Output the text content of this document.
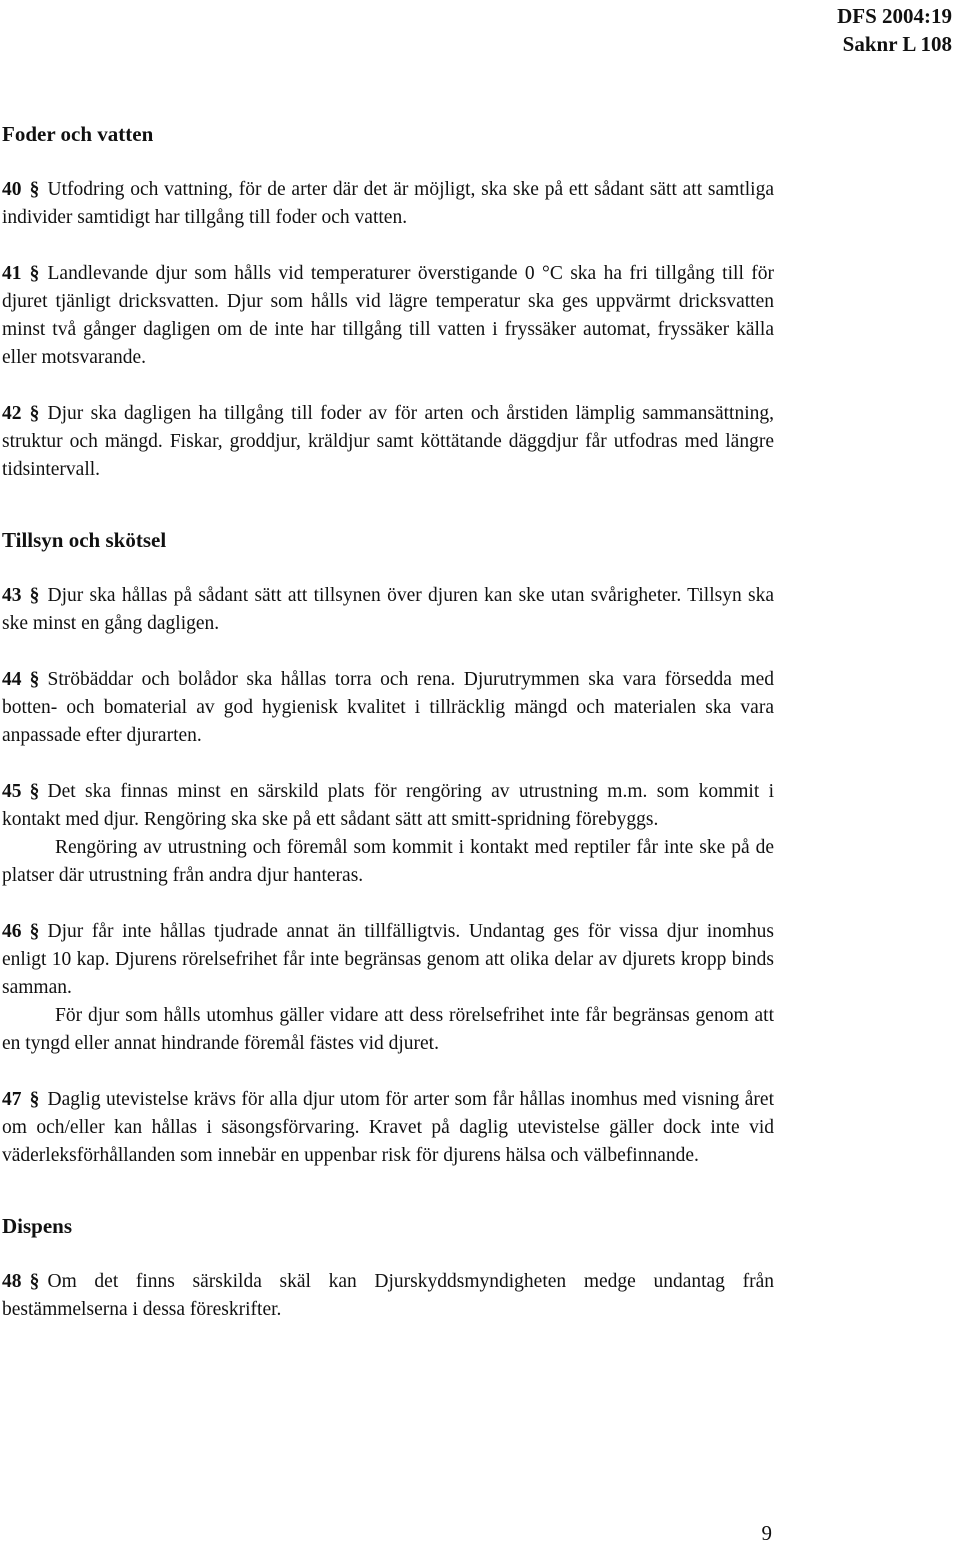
DFS 2004:19
Saknr L 108
Foder och vatten

40 § Utfodring och vattning, för de arter där det är möjligt, ska ske på ett sådant sätt att samtliga individer samtidigt har tillgång till foder och vatten.

41 § Landlevande djur som hålls vid temperaturer överstigande 0 °C ska ha fri tillgång till för djuret tjänligt dricksvatten. Djur som hålls vid lägre temperatur ska ges uppvärmt dricksvatten minst två gånger dagligen om de inte har tillgång till vatten i fryssäker automat, fryssäker källa eller motsvarande.

42 § Djur ska dagligen ha tillgång till foder av för arten och årstiden lämplig sammansättning, struktur och mängd. Fiskar, groddjur, kräldjur samt köttätande däggdjur får utfodras med längre tidsintervall.

Tillsyn och skötsel

43 § Djur ska hållas på sådant sätt att tillsynen över djuren kan ske utan svårigheter. Tillsyn ska ske minst en gång dagligen.

44 § Ströbäddar och bolådor ska hållas torra och rena. Djurutrymmen ska vara försedda med botten- och bomaterial av god hygienisk kvalitet i tillräcklig mängd och materialen ska vara anpassade efter djurarten.

45 § Det ska finnas minst en särskild plats för rengöring av utrustning m.m. som kommit i kontakt med djur. Rengöring ska ske på ett sådant sätt att smitt-spridning förebyggs.

Rengöring av utrustning och föremål som kommit i kontakt med reptiler får inte ske på de platser där utrustning från andra djur hanteras.

46 § Djur får inte hållas tjudrade annat än tillfälligtvis. Undantag ges för vissa djur inomhus enligt 10 kap. Djurens rörelsefrihet får inte begränsas genom att olika delar av djurets kropp binds samman.

För djur som hålls utomhus gäller vidare att dess rörelsefrihet inte får begränsas genom att en tyngd eller annat hindrande föremål fästes vid djuret.

47 § Daglig utevistelse krävs för alla djur utom för arter som får hållas inomhus med visning året om och/eller kan hållas i säsongsförvaring. Kravet på daglig utevistelse gäller dock inte vid väderleksförhållanden som innebär en uppenbar risk för djurens hälsa och välbefinnande.

Dispens

48 § Om det finns särskilda skäl kan Djurskyddsmyndigheten medge undantag från bestämmelserna i dessa föreskrifter.

9
